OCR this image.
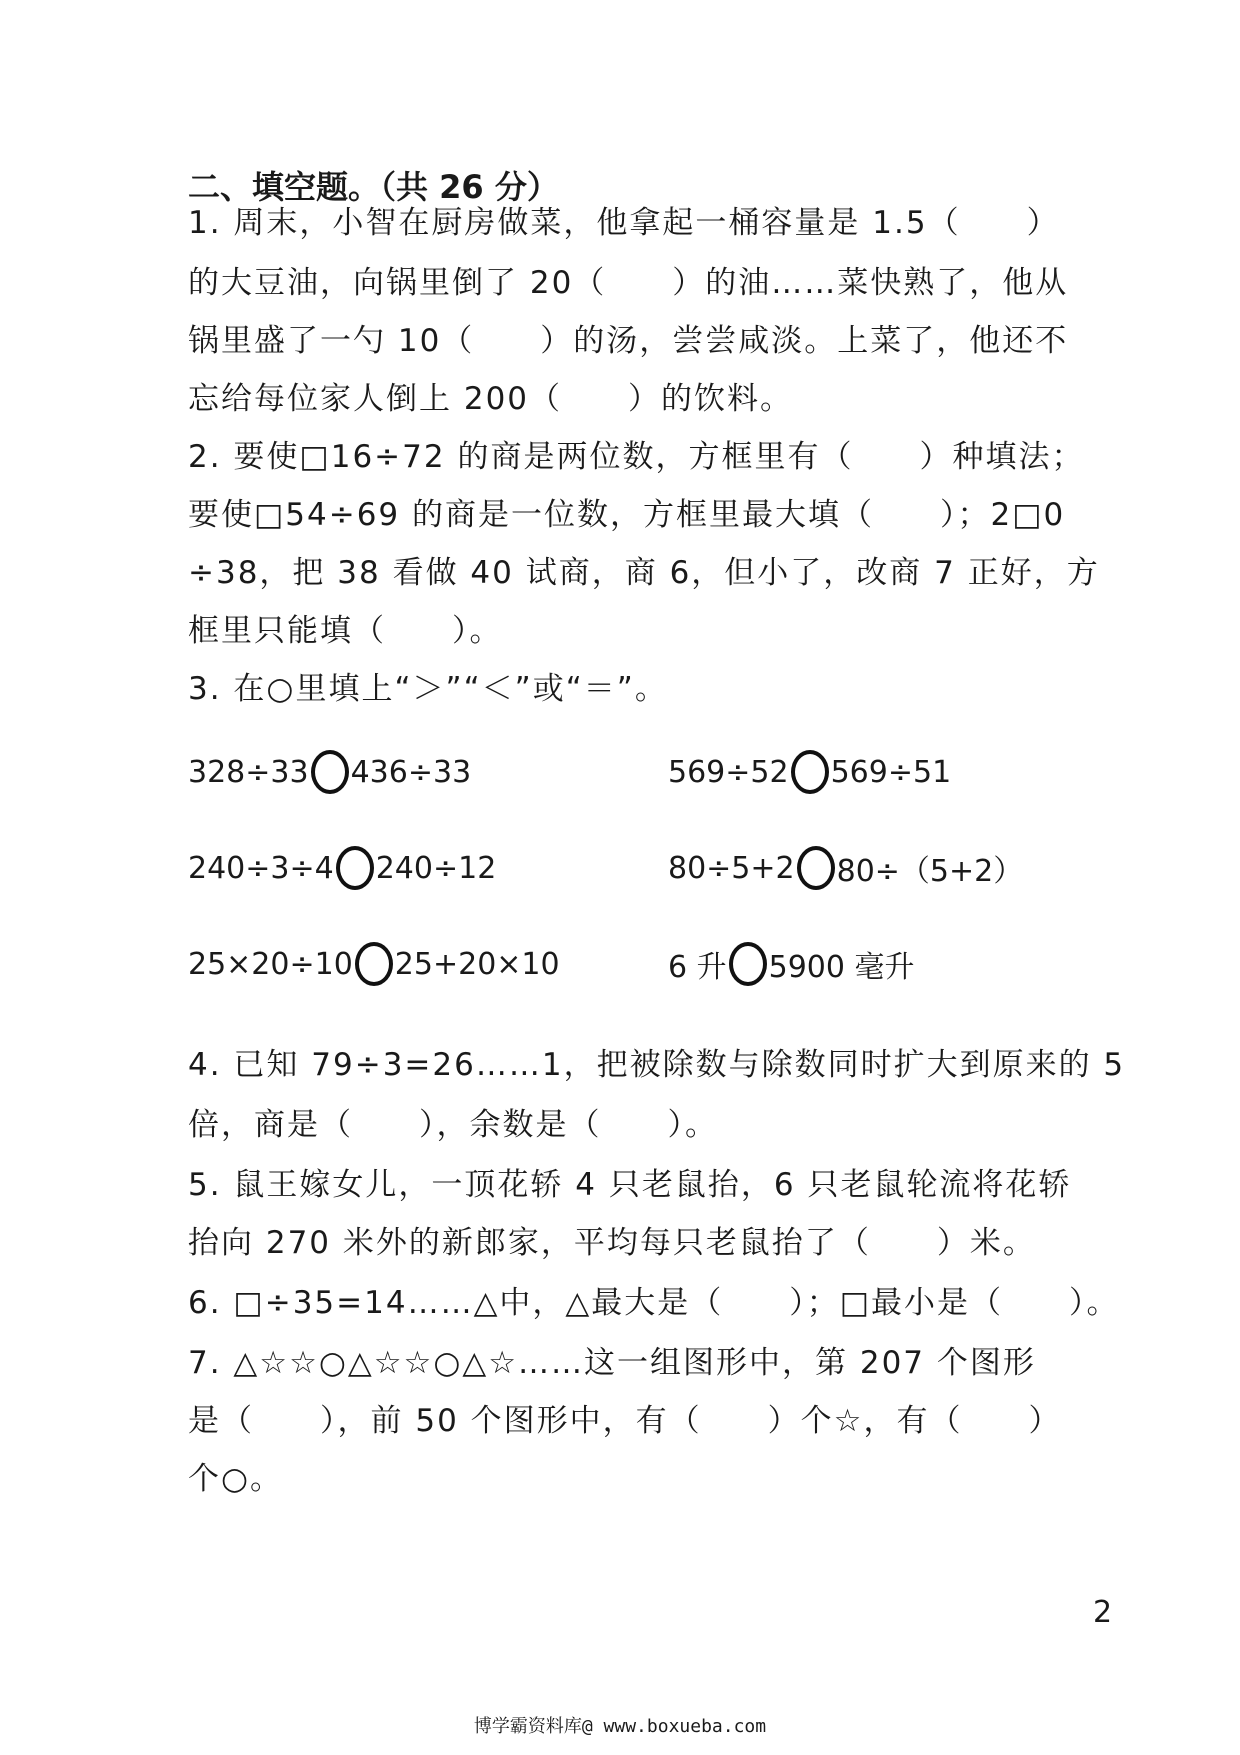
二、填空题。（共 26 分）
1. 周末，小智在厨房做菜，他拿起一桶容量是 1.5（　　）
的大豆油，向锅里倒了 20（　　）的油……菜快熟了，他从
锅里盛了一勺 10（　　）的汤，尝尝咸淡。上菜了，他还不
忘给每位家人倒上 200（　　）的饮料。
2. 要使□16÷72 的商是两位数，方框里有（　　）种填法；
要使□54÷69 的商是一位数，方框里最大填（　　）；2□0
÷38，把 38 看做 40 试商，商 6，但小了，改商 7 正好，方
框里只能填（　　）。
3. 在○里填上“＞”“＜”或“＝”。
328÷33 436÷33	569÷52 569÷51
240÷3÷4 240÷12	80÷5+2 80÷（5+2）
25×20÷10 25+20×10	6 升 5900 毫升
4. 已知 79÷3=26……1，把被除数与除数同时扩大到原来的 5
倍，商是（　　），余数是（　　）。
5. 鼠王嫁女儿，一顶花轿 4 只老鼠抬，6 只老鼠轮流将花轿
抬向 270 米外的新郎家，平均每只老鼠抬了（　　）米。
6. □÷35=14……△中，△最大是（　　）；□最小是（　　）。
7. △☆☆○△☆☆○△☆……这一组图形中，第 207 个图形
是（　　），前 50 个图形中，有（　　）个☆，有（　　）
个○。
2
博学霸资料库@ www.boxueba.com
